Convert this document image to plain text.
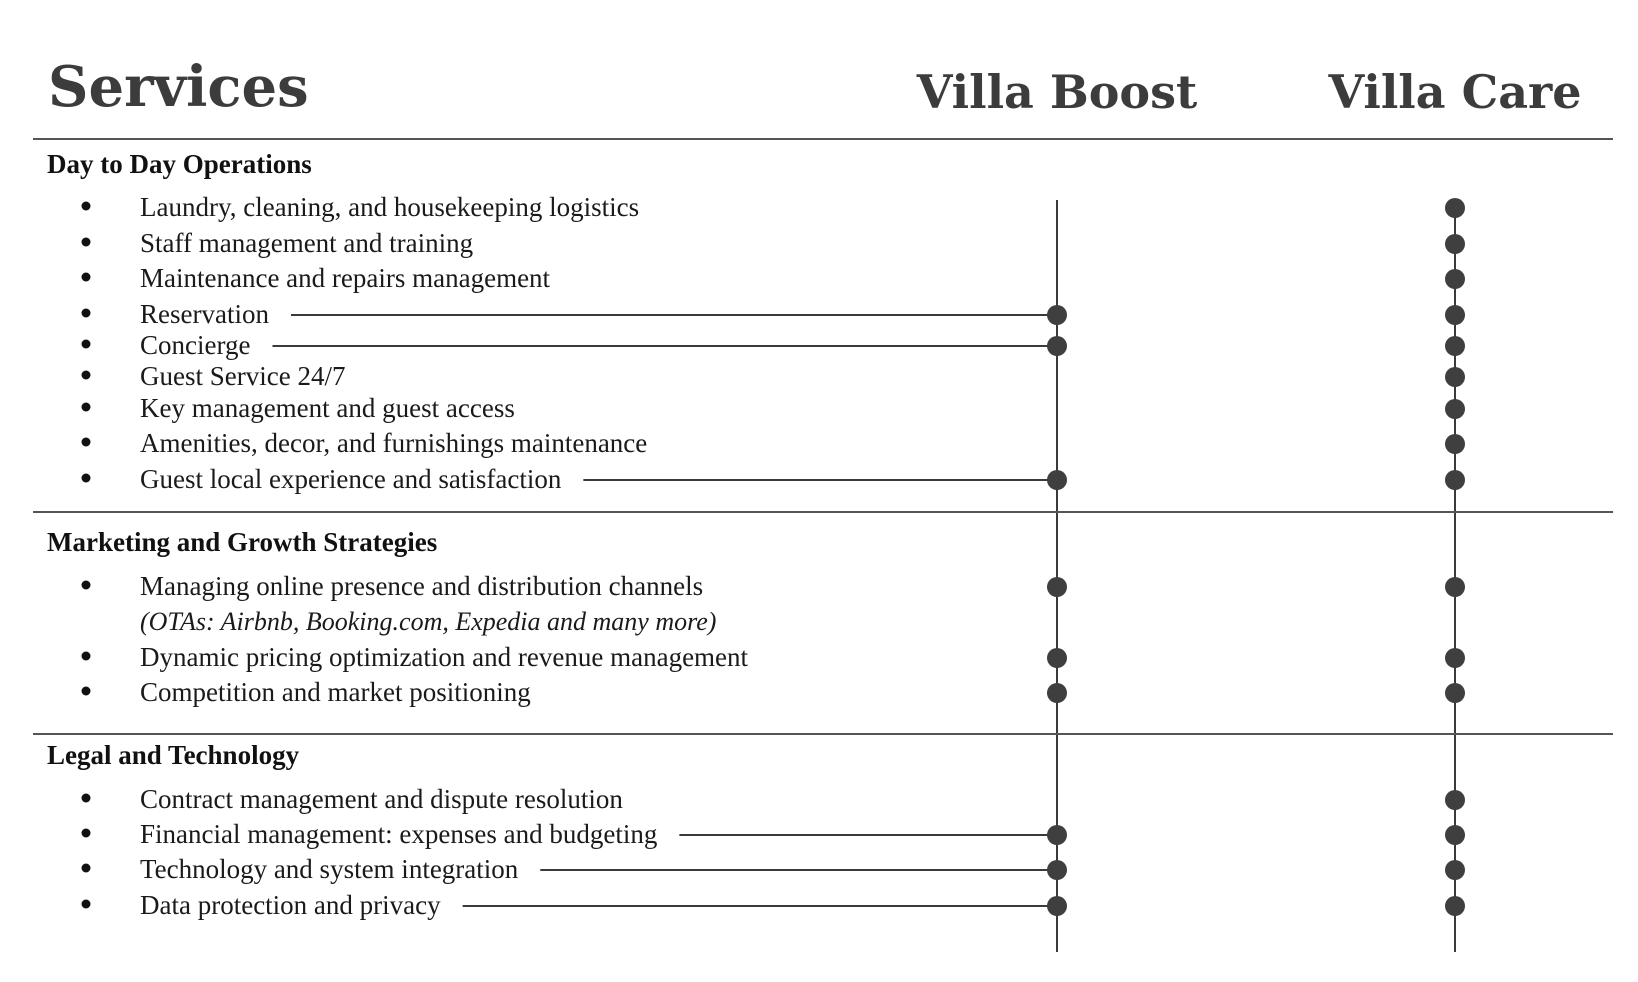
Services	Villa Boost	Villa Care
Day to Day Operations
Laundry, cleaning, and housekeeping logistics
Staff management and training
Maintenance and repairs management
Reservation
Concierge
Guest Service 24/7
Key management and guest access
Amenities, decor, and furnishings maintenance
Guest local experience and satisfaction
Marketing and Growth Strategies
Managing online presence and distribution channels
(OTAs: Airbnb, Booking.com, Expedia and many more)
Dynamic pricing optimization and revenue management
Competition and market positioning
Legal and Technology
Contract management and dispute resolution
Financial management: expenses and budgeting
Technology and system integration
Data protection and privacy
